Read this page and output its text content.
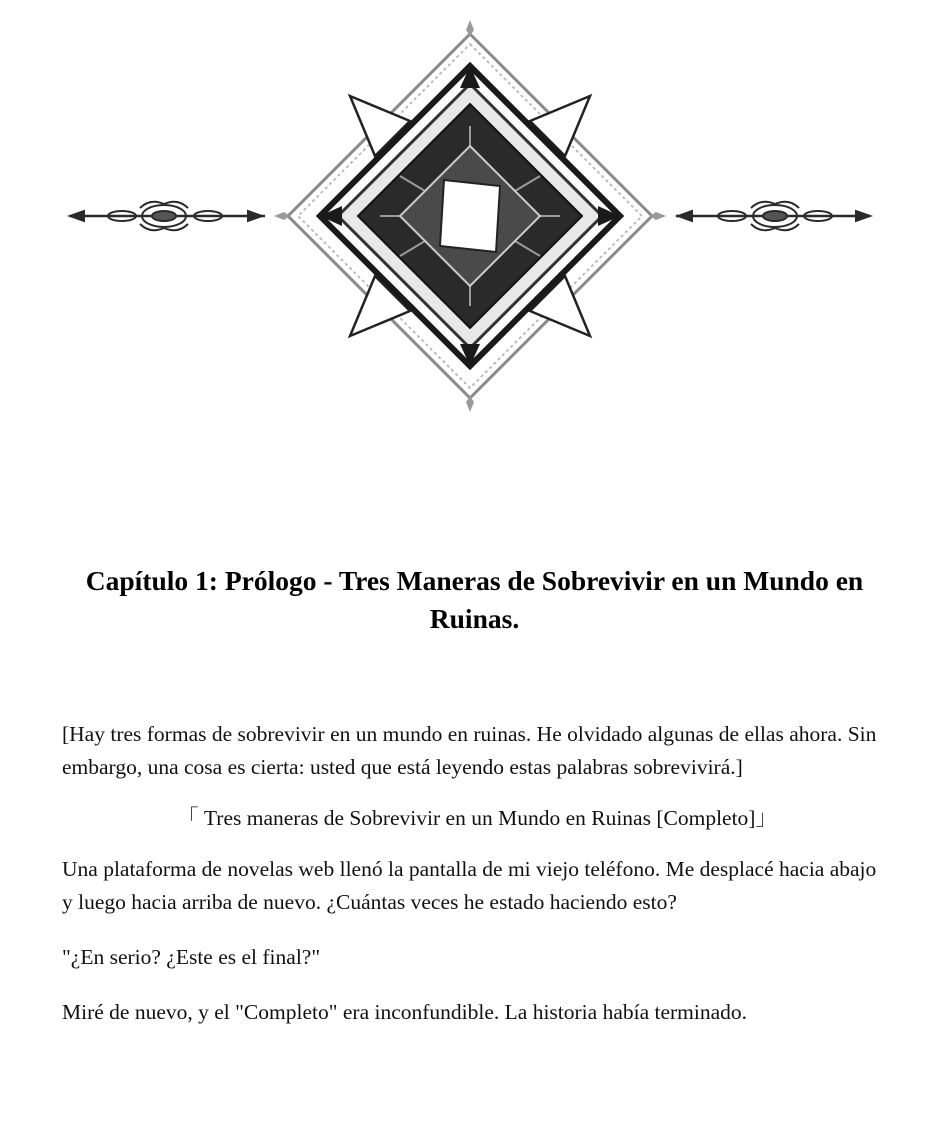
Capítulo 1: Prólogo - Tres Maneras de Sobrevivir en un Mundo en Ruinas.

[Hay tres formas de sobrevivir en un mundo en ruinas. He olvidado algunas de ellas ahora. Sin embargo, una cosa es cierta: usted que está leyendo estas palabras sobrevivirá.]

「 Tres maneras de Sobrevivir en un Mundo en Ruinas [Completo]」

Una plataforma de novelas web llenó la pantalla de mi viejo teléfono. Me desplacé hacia abajo y luego hacia arriba de nuevo. ¿Cuántas veces he estado haciendo esto?

"¿En serio? ¿Este es el final?"

Miré de nuevo, y el "Completo" era inconfundible. La historia había terminado.
